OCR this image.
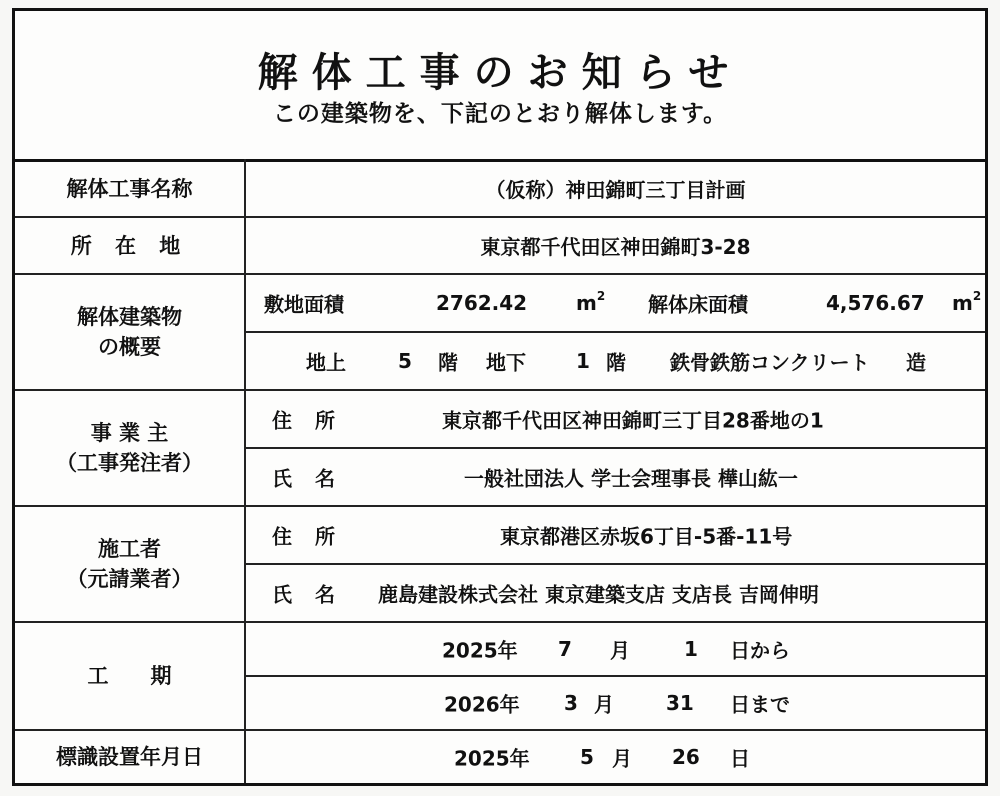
解体工事のお知らせ
この建築物を、下記のとおり解体します。
解体工事名称	（仮称）神田錦町三丁目計画
所 在 地	東京都千代田区神田錦町3-28
解体建築物
の概要
敷地面積	2762.42 $m^2$ 解体床面積	4,576.67 $m^2$
地上	5 階 地下	1 階 鉄骨鉄筋コンクリート 造
事 業 主
（工事発注者）
住 所	東京都千代田区神田錦町三丁目28番地の1
氏 名	一般社団法人 学士会理事長 樺山紘一
施工者
（元請業者）
住 所	東京都港区赤坂6丁目-5番-11号
氏 名 鹿島建設株式会社 東京建築支店 支店長 吉岡伸明
工　　期
2025年 7 月	1 日から
2026年 3 月	31 日まで
標識設置年月日	2025年	5 月 26 日
